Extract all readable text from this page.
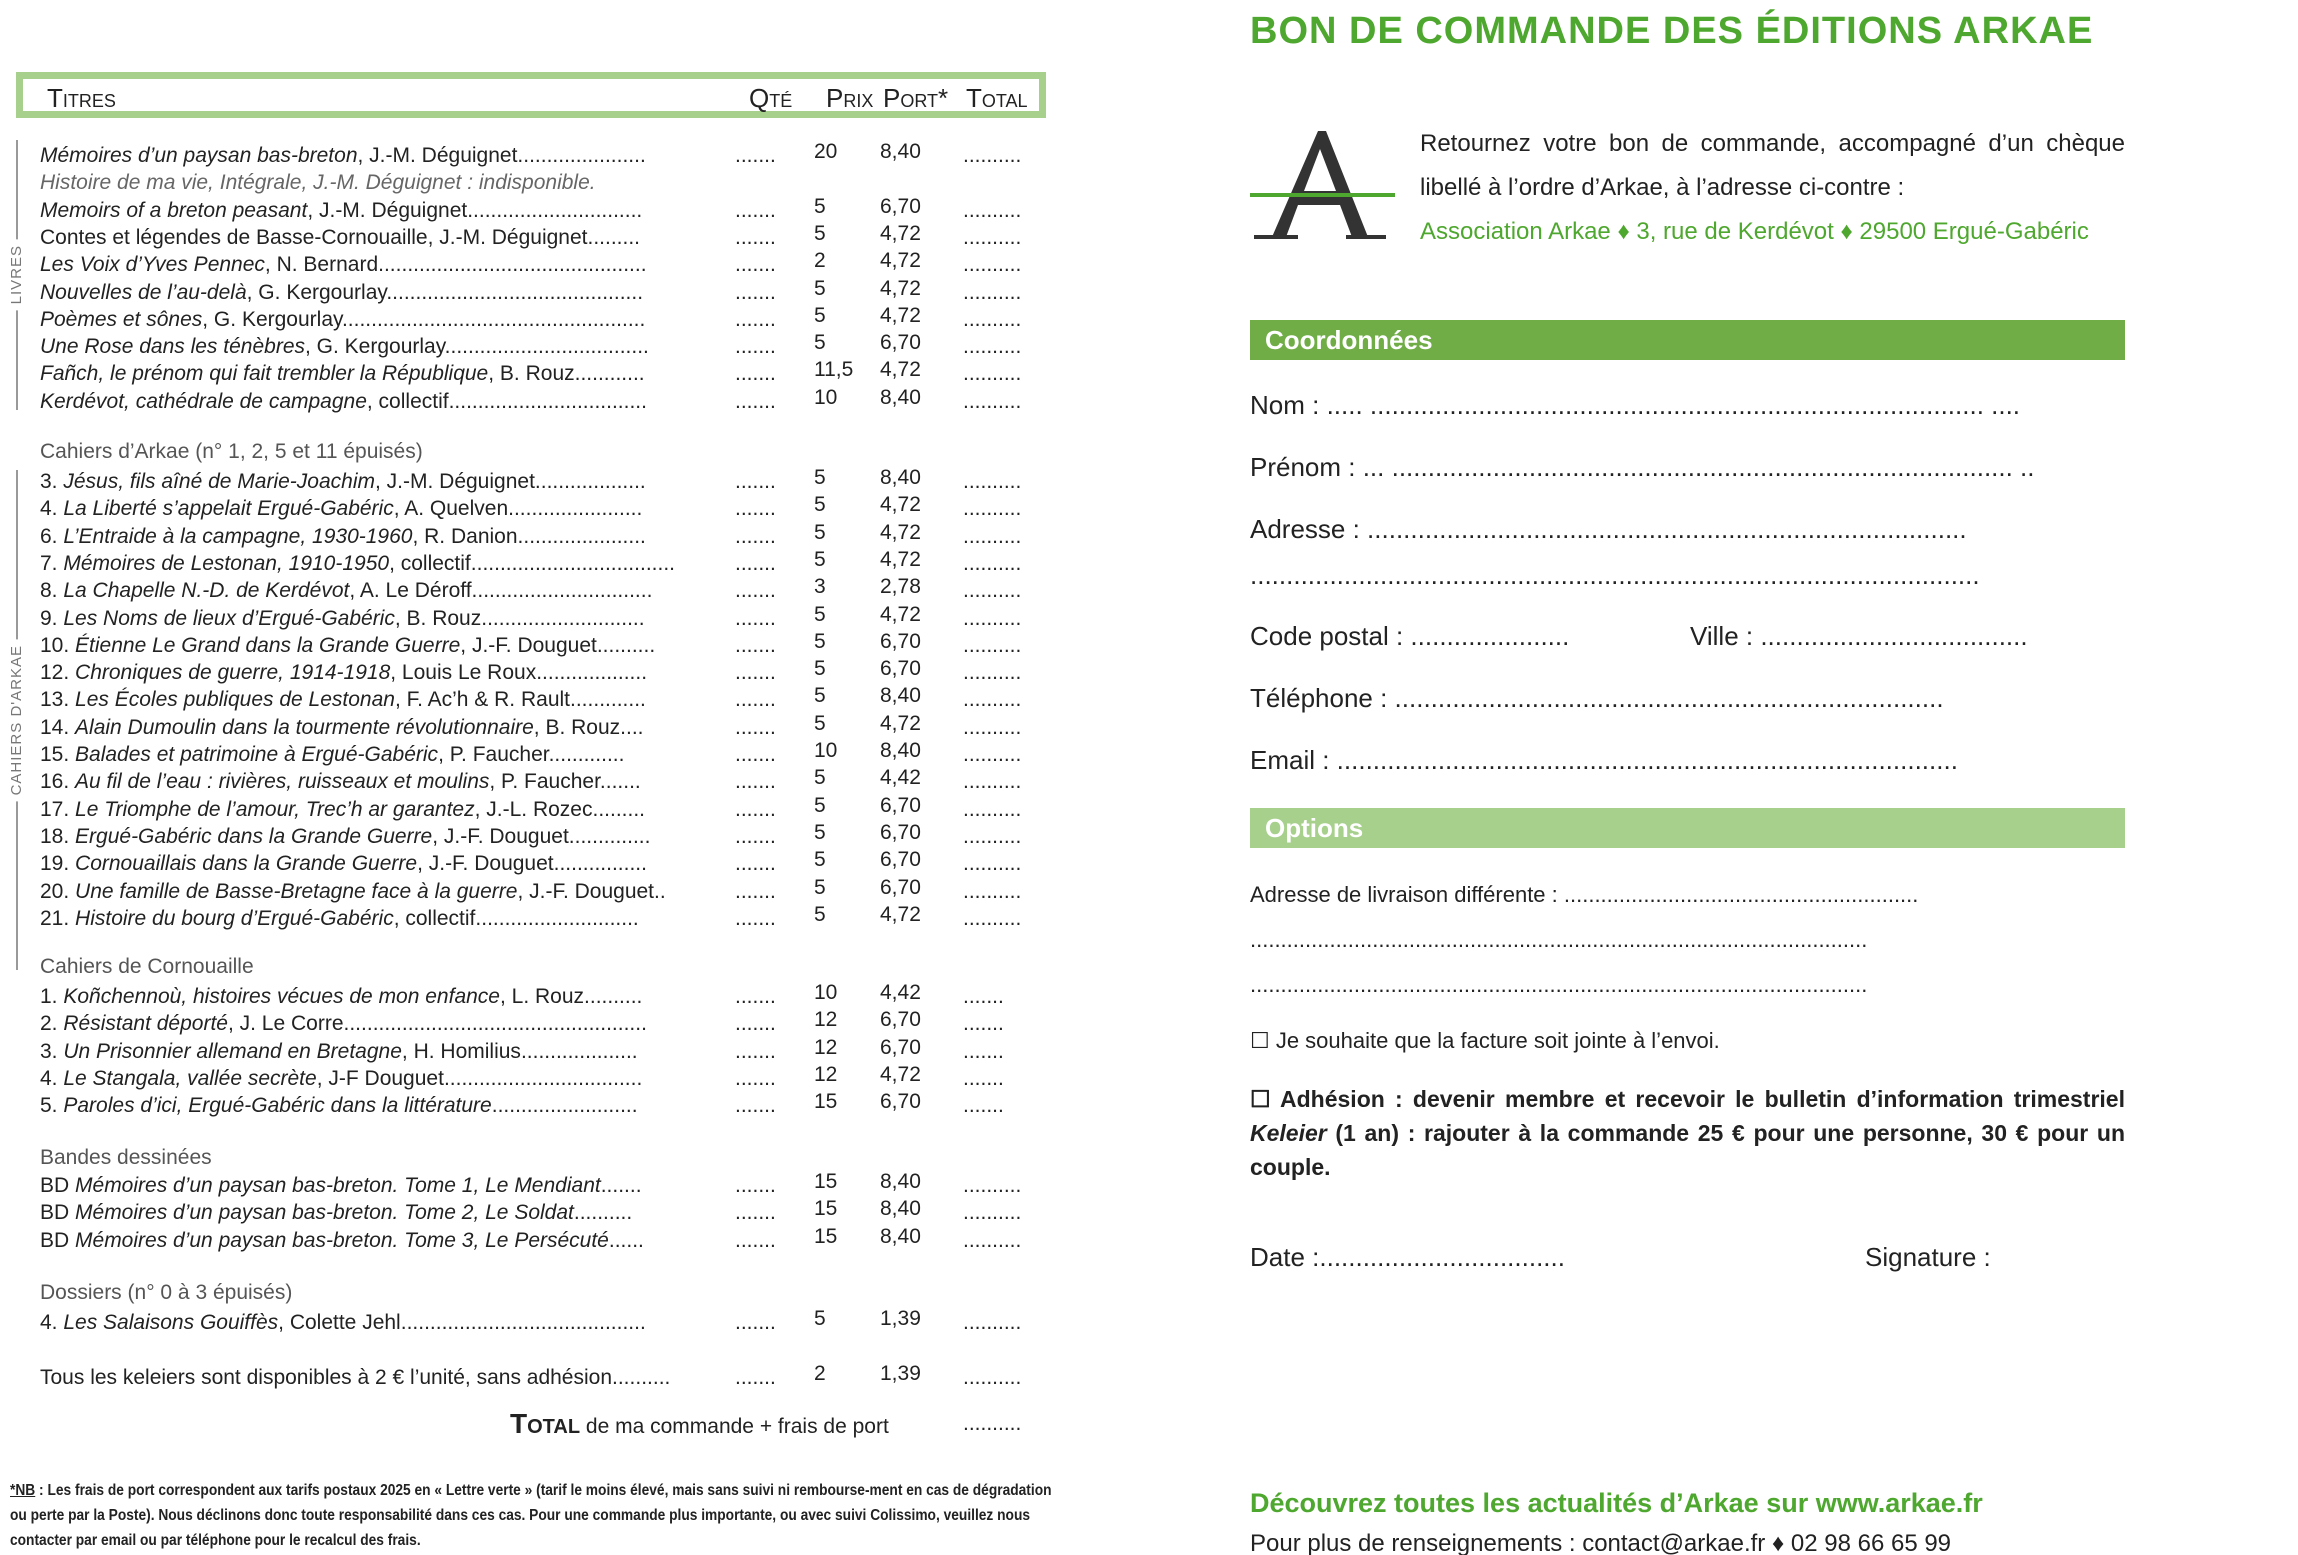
Titres	Qté Prix Port* Total
LIVRES
CAHIERS D'ARKAE
Mémoires d’un paysan bas-breton, J.-M. Déguignet......................	....... 20 8,40 ..........
Histoire de ma vie, Intégrale, J.-M. Déguignet : indisponible.
Memoirs of a breton peasant, J.-M. Déguignet..............................	....... 5	6,70 ..........
Contes et légendes de Basse-Cornouaille, J.-M. Déguignet.........	....... 5	4,72 ..........
Les Voix d’Yves Pennec, N. Bernard..............................................	....... 2	4,72 ..........
Nouvelles de l’au-delà, G. Kergourlay............................................	....... 5	4,72 ..........
Poèmes et sônes, G. Kergourlay....................................................	....... 5	4,72 ..........
Une Rose dans les ténèbres, G. Kergourlay...................................	....... 5	6,70 ..........
Fañch, le prénom qui fait trembler la République, B. Rouz............	....... 11,5 4,72 ..........
Kerdévot, cathédrale de campagne, collectif..................................	....... 10 8,40 ..........
Cahiers d’Arkae (n° 1, 2, 5 et 11 épuisés)
3. Jésus, fils aîné de Marie-Joachim, J.-M. Déguignet...................	....... 5	8,40 ..........
4. La Liberté s’appelait Ergué-Gabéric, A. Quelven.......................	....... 5	4,72 ..........
6. L’Entraide à la campagne, 1930-1960, R. Danion......................	....... 5	4,72 ..........
7. Mémoires de Lestonan, 1910-1950, collectif...................................	....... 5	4,72 ..........
8. La Chapelle N.-D. de Kerdévot, A. Le Déroff...............................	....... 3	2,78 ..........
9. Les Noms de lieux d’Ergué-Gabéric, B. Rouz............................	....... 5	4,72 ..........
10. Étienne Le Grand dans la Grande Guerre, J.-F. Douguet..........	....... 5	6,70 ..........
12. Chroniques de guerre, 1914-1918, Louis Le Roux...................	....... 5	6,70 ..........
13. Les Écoles publiques de Lestonan, F. Ac’h & R. Rault.............	....... 5	8,40 ..........
14. Alain Dumoulin dans la tourmente révolutionnaire, B. Rouz....	....... 5	4,72 ..........
15. Balades et patrimoine à Ergué-Gabéric, P. Faucher.............	....... 10 8,40 ..........
16. Au fil de l’eau : rivières, ruisseaux et moulins, P. Faucher.......	....... 5	4,42 ..........
17. Le Triomphe de l’amour, Trec’h ar garantez, J.-L. Rozec.........	....... 5	6,70 ..........
18. Ergué-Gabéric dans la Grande Guerre, J.-F. Douguet..............	....... 5	6,70 ..........
19. Cornouaillais dans la Grande Guerre, J.-F. Douguet................	....... 5	6,70 ..........
20. Une famille de Basse-Bretagne face à la guerre, J.-F. Douguet..	....... 5	6,70 ..........
21. Histoire du bourg d’Ergué-Gabéric, collectif............................	....... 5	4,72 ..........
Cahiers de Cornouaille
1. Koñchennoù, histoires vécues de mon enfance, L. Rouz..........	....... 10 4,42 .......
2. Résistant déporté, J. Le Corre....................................................	....... 12 6,70 .......
3. Un Prisonnier allemand en Bretagne, H. Homilius....................	....... 12 6,70 .......
4. Le Stangala, vallée secrète, J-F Douguet..................................	....... 12 4,72 .......
5. Paroles d’ici, Ergué-Gabéric dans la littérature.........................	....... 15 6,70 .......
Bandes dessinées
BD Mémoires d’un paysan bas-breton. Tome 1, Le Mendiant.......	....... 15 8,40 ..........
BD Mémoires d’un paysan bas-breton. Tome 2, Le Soldat..........	....... 15 8,40 ..........
BD Mémoires d’un paysan bas-breton. Tome 3, Le Persécuté......	....... 15 8,40 ..........
Dossiers (n° 0 à 3 épuisés)
4. Les Salaisons Gouiffès, Colette Jehl..........................................	....... 5	1,39 ..........
Tous les keleiers sont disponibles à 2 € l’unité, sans adhésion..........	....... 2	1,39 ..........
Total de ma commande + frais de port	..........
*NB : Les frais de port correspondent aux tarifs postaux 2025 en « Lettre verte » (tarif le moins élevé, mais sans suivi ni rembourse-ment en cas de dégradation ou perte par la Poste). Nous déclinons donc toute responsabilité dans ces cas. Pour une commande plus importante, ou avec suivi Colissimo, veuillez nous contacter par email ou par téléphone pour le recalcul des frais.
BON DE COMMANDE DES ÉDITIONS ARKAE
Retournez votre bon de commande, accompagné d’un chèque libellé à l’ordre d’Arkae, à l’adresse ci-contre :
Association Arkae ♦ 3, rue de Kerdévot ♦ 29500 Ergué-Gabéric
Coordonnées
Nom : ..... ..................................................................................... ....
Prénom : ... ...................................................................................... ..
Adresse : ...................................................................................
.....................................................................................................
Code postal : ......................	Ville : .....................................
Téléphone : ............................................................................
Email : ......................................................................................
Options
Adresse de livraison différente : ..........................................................
.....................................................................................................
.....................................................................................................
☐ Je souhaite que la facture soit jointe à l’envoi.
☐ Adhésion : devenir membre et recevoir le bulletin d’information trimestriel Keleier (1 an) : rajouter à la commande 25 € pour une personne, 30 € pour un couple.
Date :..................................	Signature :
Découvrez toutes les actualités d’Arkae sur www.arkae.fr
Pour plus de renseignements : contact@arkae.fr ♦ 02 98 66 65 99
